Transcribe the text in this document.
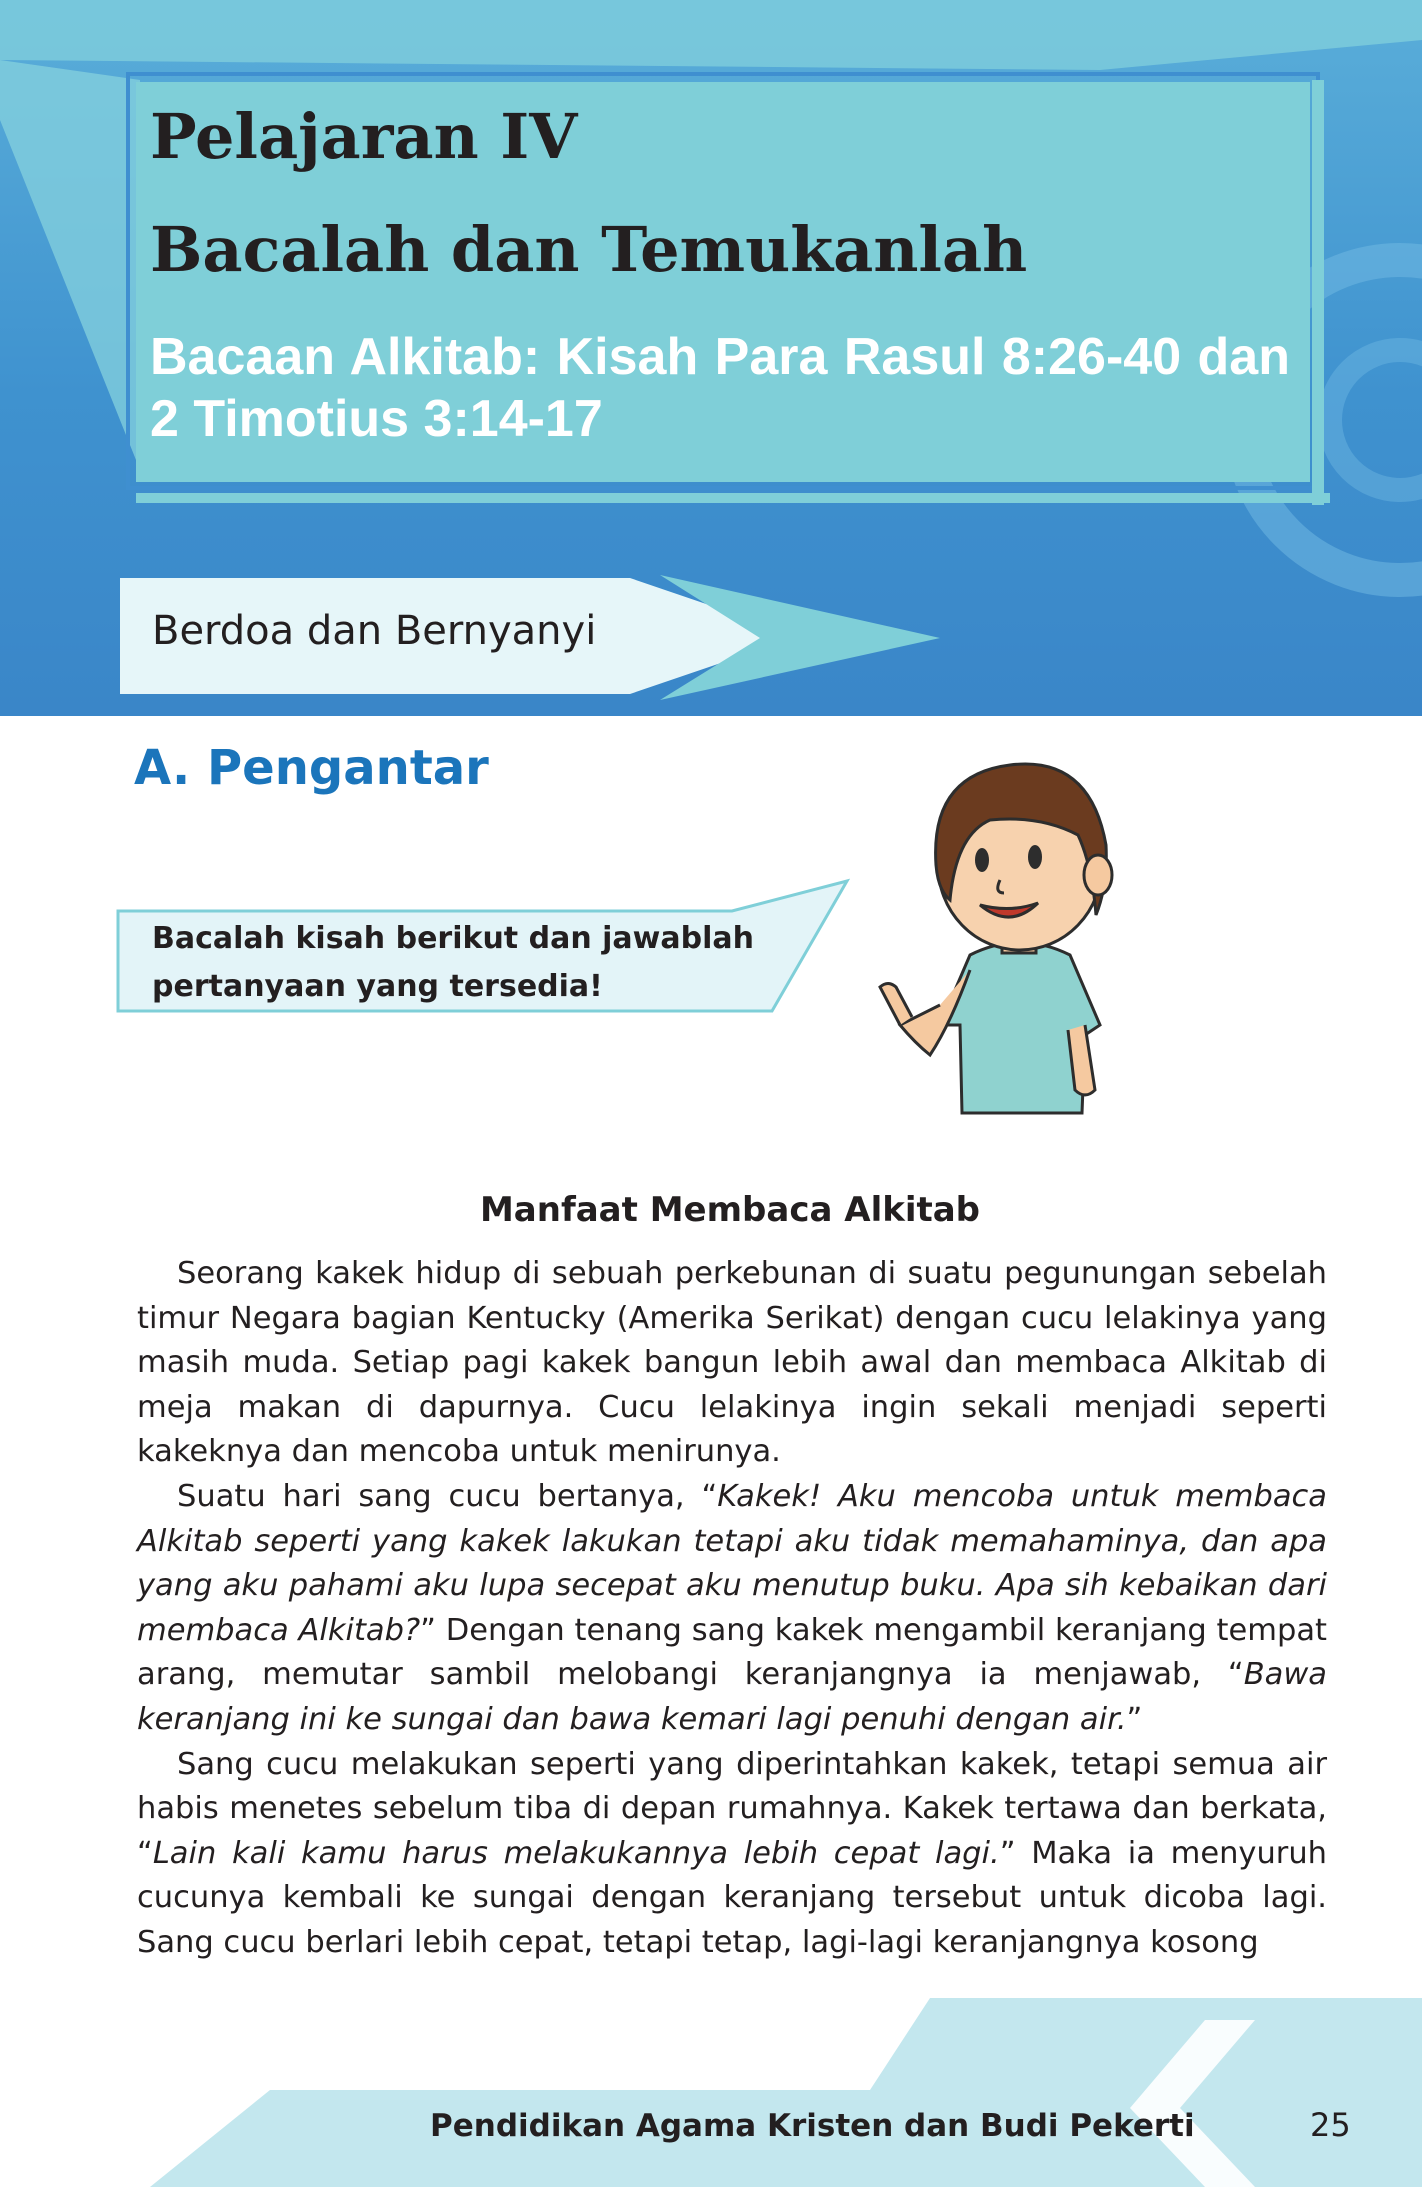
Pelajaran IV
Bacalah dan Temukanlah
Bacaan Alkitab: Kisah Para Rasul 8:26-40 dan 2 Timotius 3:14-17
Berdoa dan Bernyanyi
A. Pengantar
Bacalah kisah berikut dan jawablah pertanyaan yang tersedia!
Manfaat Membaca Alkitab

Seorang kakek hidup di sebuah perkebunan di suatu pegunungan sebelah timur Negara bagian Kentucky (Amerika Serikat) dengan cucu lelakinya yang masih muda. Setiap pagi kakek bangun lebih awal dan membaca Alkitab di meja makan di dapurnya. Cucu lelakinya ingin sekali menjadi seperti kakeknya dan mencoba untuk menirunya.

Suatu hari sang cucu bertanya, “Kakek! Aku mencoba untuk membaca Alkitab seperti yang kakek lakukan tetapi aku tidak memahaminya, dan apa yang aku pahami aku lupa secepat aku menutup buku. Apa sih kebaikan dari membaca Alkitab?” Dengan tenang sang kakek mengambil keranjang tempat arang, memutar sambil melobangi keranjangnya ia menjawab, “Bawa keranjang ini ke sungai dan bawa kemari lagi penuhi dengan air.”

Sang cucu melakukan seperti yang diperintahkan kakek, tetapi semua air habis menetes sebelum tiba di depan rumahnya. Kakek tertawa dan berkata, “Lain kali kamu harus melakukannya lebih cepat lagi.” Maka ia menyuruh cucunya kembali ke sungai dengan keranjang tersebut untuk dicoba lagi. Sang cucu berlari lebih cepat, tetapi tetap, lagi-lagi keranjangnya kosong

Pendidikan Agama Kristen dan Budi Pekerti	25
